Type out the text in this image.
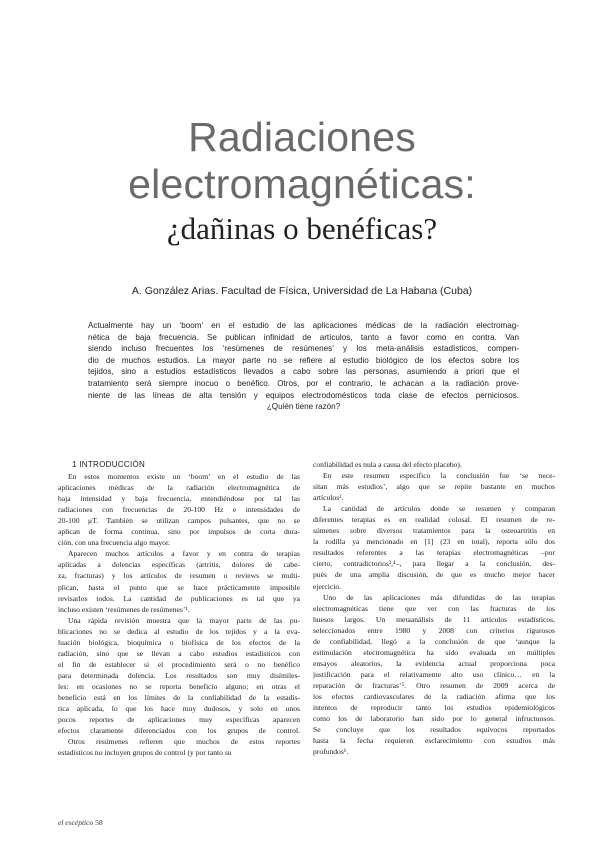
Radiaciones
electromagnéticas:
¿dañinas o benéficas?
A. González Arias. Facultad de Física, Universidad de La Habana (Cuba)
Actualmente hay un ‘boom’ en el estudio de las aplicaciones médicas de la radiación electromag-
nética de baja frecuencia. Se publican infinidad de artículos, tanto a favor como en contra. Van
siendo incluso frecuentes los ‘resúmenes de resúmenes’ y los meta-análisis estadísticos, compen-
dio de muchos estudios. La mayor parte no se refiere al estudio biológico de los efectos sobre los
tejidos, sino a estudios estadísticos llevados a cabo sobre las personas, asumiendo a priori que el
tratamiento será siempre inocuo o benéfico. Otros, por el contrario, le achacan a la radiación prove-
niente de las líneas de alta tensión y equipos electrodomésticos toda clase de efectos perniciosos.
¿Quién tiene razón?
1 INTRODUCCIÓN
En estos momentos existe un ‘boom’ en el estudio de las
aplicaciones médicas de la radiación electromagnética de
baja intensidad y baja frecuencia, entendiéndose por tal las
radiaciones con frecuencias de 20-100 Hz e intensidades de
20-100 μT. También se utilizan campos pulsantes, que no se
aplican de forma continua, sino por impulsos de corta dura-
ción, con una frecuencia algo mayor.
Aparecen muchos artículos a favor y en contra de terapias
aplicadas a dolencias específicas (artritis, dolores de cabe-
za, fracturas) y los artículos de resumen o reviews se multi-
plican, hasta el punto que se hace prácticamente imposible
revisarlos todos. La cantidad de publicaciones es tal que ya
incluso existen ‘resúmenes de resúmenes’¹.
Una rápida revisión muestra que la mayor parte de las pu-
blicaciones no se dedica al estudio de los tejidos y a la eva-
luación biológica, bioquímica o biofísica de los efectos de la
radiación, sino que se llevan a cabo estudios estadísticos con
el fin de establecer si el procedimiento será o no benéfico
para determinada dolencia. Los resultados son muy disímiles-
les: en ocasiones no se reporta beneficio alguno; en otras el
beneficio está en los límites de la confiabilidad de la estadís-
tica aplicada, lo que los hace muy dudosos, y solo en unos
pocos reportes de aplicaciones muy específicas aparecen
efectos claramente diferenciados con los grupos de control.
Otros resúmenes refieren que muchos de estos reportes
estadísticos no incluyen grupos de control (y por tanto su
confiabilidad es nula a causa del efecto placebo).
En este resumen específico la conclusión fue ‘se nece-
sitan más estudios’, algo que se repite bastante en muchos
artículos².
La cantidad de artículos donde se resumen y comparan
diferentes terapias es en realidad colosal. El resumen de re-
súmenes sobre diversos tratamientos para la osteoartritis en
la rodilla ya mencionado en [1] (23 en total), reporta sólo dos
resultados referentes a las terapias electromagnéticas –por
cierto, contradictorios³,⁴–, para llegar a la conclusión, des-
pués de una amplia discusión, de que es mucho mejor hacer
ejercicio.
Uno de las aplicaciones más difundidas de las terapias
electromagnéticas tiene que ver con las fracturas de los
huesos largos. Un metaanálisis de 11 artículos estadísticos,
seleccionados entre 1980 y 2008 con criterios rigurosos
de confiabilidad, llegó a la conclusión de que ‘aunque la
estimulación electromagnética ha sido evaluada en múltiples
ensayos aleatorios, la evidencia actual proporciona poca
justificación para el relativamente alto uso clínico… en la
reparación de fracturas’⁵. Otro resumen de 2009 acerca de
los efectos cardiovasculares de la radiación afirma que los
intentos de reproducir tanto los estudios epidemiológicos
como los de laboratorio han sido por lo general infructuosos.
Se concluye que los resultados equívocos reportados
hasta la fecha requieren esclarecimiento con estudios más
profundos⁶.
el escéptico 58
